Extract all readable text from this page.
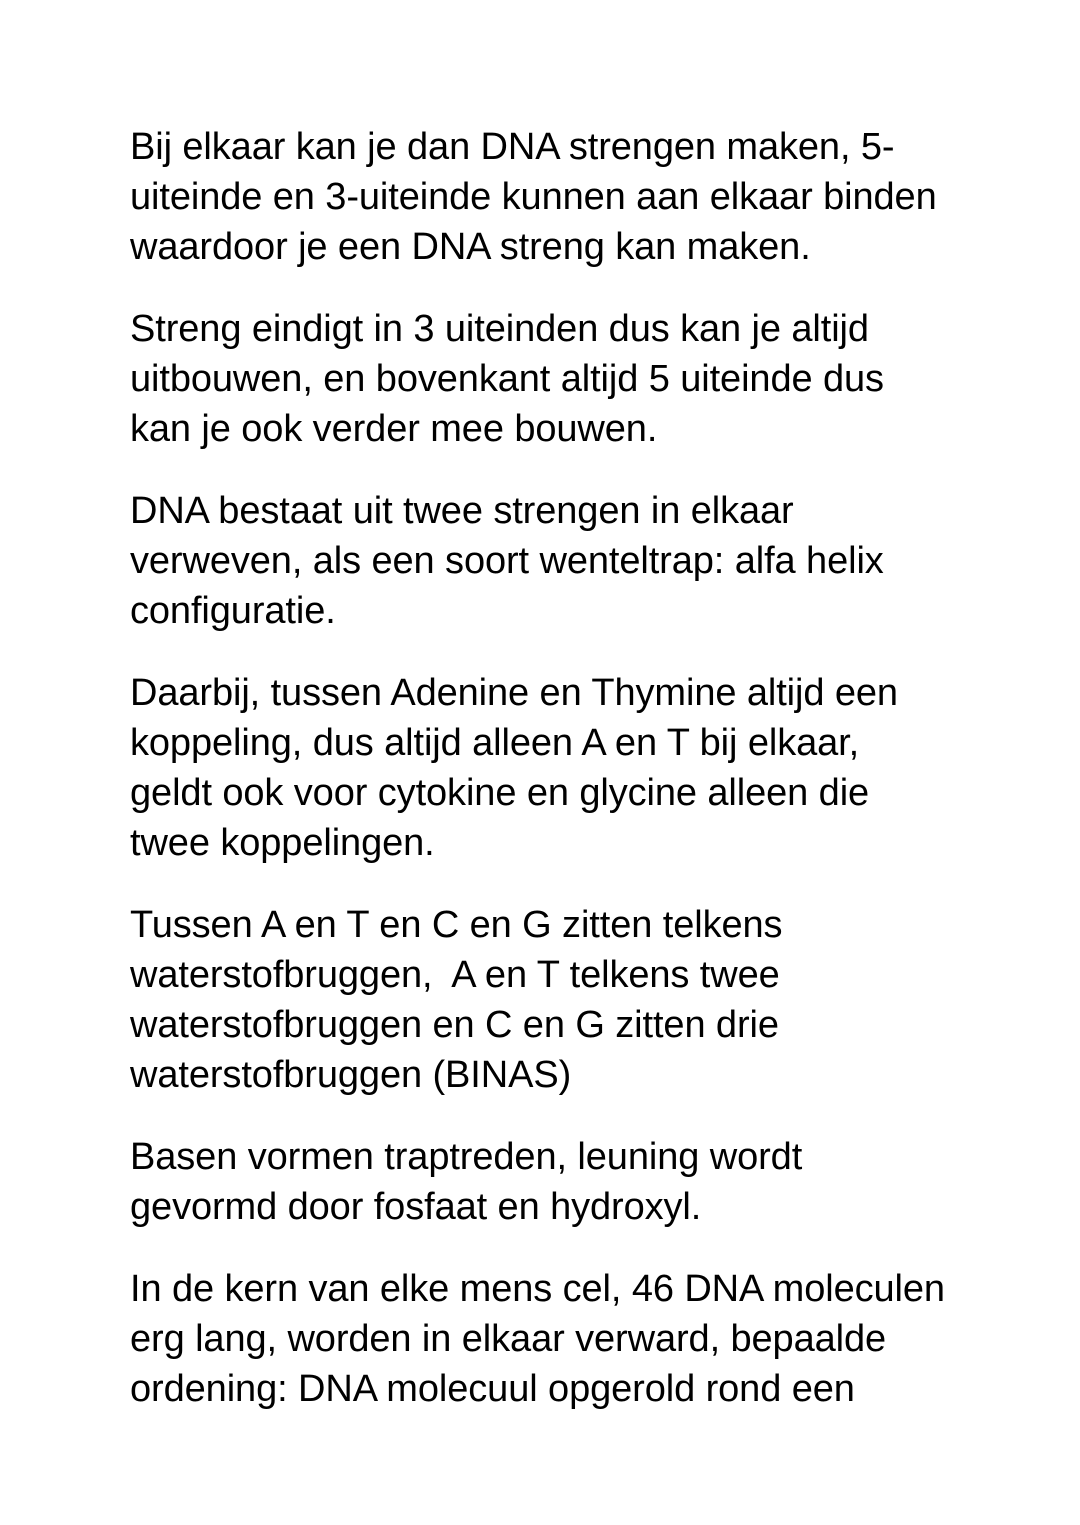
Bij elkaar kan je dan DNA strengen maken, 5-uiteinde en 3-uiteinde kunnen aan elkaar binden waardoor je een DNA streng kan maken.

Streng eindigt in 3 uiteinden dus kan je altijd uitbouwen, en bovenkant altijd 5 uiteinde dus kan je ook verder mee bouwen.

DNA bestaat uit twee strengen in elkaar verweven, als een soort wenteltrap: alfa helix configuratie.

Daarbij, tussen Adenine en Thymine altijd een koppeling, dus altijd alleen A en T bij elkaar, geldt ook voor cytokine en glycine alleen die twee koppelingen.

Tussen A en T en C en G zitten telkens waterstofbruggen,  A en T telkens twee waterstofbruggen en C en G zitten drie waterstofbruggen (BINAS)

Basen vormen traptreden, leuning wordt gevormd door fosfaat en hydroxyl.

In de kern van elke mens cel, 46 DNA moleculen erg lang, worden in elkaar verward, bepaalde ordening: DNA molecuul opgerold rond een
